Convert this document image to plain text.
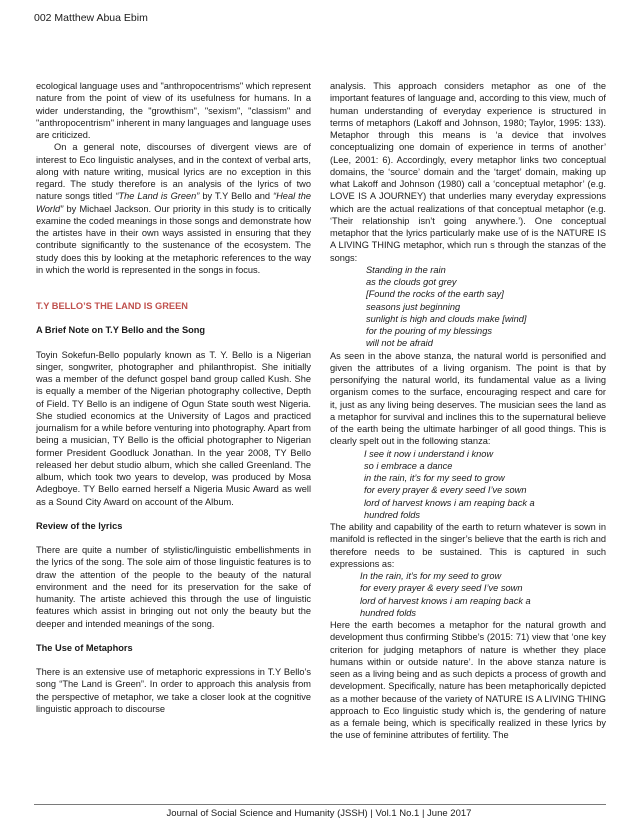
002 Matthew Abua Ebim

ecological language uses and "anthropocentrisms" which represent nature from the point of view of its usefulness for humans. In a wider understanding, the "growthism", "sexism", "classism" and "anthropocentrism" inherent in many languages and language uses are criticized.

On a general note, discourses of divergent views are of interest to Eco linguistic analyses, and in the context of verbal arts, along with nature writing, musical lyrics are no exception in this regard. The study therefore is an analysis of the lyrics of two nature songs titled “The Land is Green” by T.Y Bello and “Heal the World” by Michael Jackson. Our priority in this study is to critically examine the coded meanings in those songs and demonstrate how the artistes have in their own ways assisted in ensuring that they contribute significantly to the sustenance of the ecosystem. The study does this by looking at the metaphoric references to the way in which the world is represented in the songs in focus.

T.Y BELLO’S THE LAND IS GREEN

A Brief Note on T.Y Bello and the Song

Toyin Sokefun-Bello popularly known as T. Y. Bello is a Nigerian singer, songwriter, photographer and philanthropist. She initially was a member of the defunct gospel band group called Kush. She is equally a member of the Nigerian photography collective, Depth of Field. TY Bello is an indigene of Ogun State south west Nigeria. She studied economics at the University of Lagos and practiced journalism for a while before venturing into photography. Apart from being a musician, TY Bello is the official photographer to Nigerian former President Goodluck Jonathan. In the year 2008, TY Bello released her debut studio album, which she called Greenland. The album, which took two years to develop, was produced by Mosa Adegboye. TY Bello earned herself a Nigeria Music Award as well as a Sound City Award on account of the Album.

Review of the lyrics

There are quite a number of stylistic/linguistic embellishments in the lyrics of the song. The sole aim of those linguistic features is to draw the attention of the people to the beauty of the natural environment and the need for its preservation for the sake of humanity. The artiste achieved this through the use of linguistic features which assist in bringing out not only the beauty but the deeper and intended meanings of the song.

The Use of Metaphors

There is an extensive use of metaphoric expressions in T.Y Bello’s song “The Land is Green”. In order to approach this analysis from the perspective of metaphor, we take a closer look at the cognitive linguistic approach to discourse

analysis. This approach considers metaphor as one of the important features of language and, according to this view, much of human understanding of everyday experience is structured in terms of metaphors (Lakoff and Johnson, 1980; Taylor, 1995: 133). Metaphor through this means is ‘a device that involves conceptualizing one domain of experience in terms of another’ (Lee, 2001: 6). Accordingly, every metaphor links two conceptual domains, the ‘source’ domain and the ‘target’ domain, making up what Lakoff and Johnson (1980) call a ‘conceptual metaphor’ (e.g. LOVE IS A JOURNEY) that underlies many everyday expressions which are the actual realizations of that conceptual metaphor (e.g. ‘Their relationship isn’t going anywhere.’). One conceptual metaphor that the lyrics particularly make use of is the NATURE IS A LIVING THING metaphor, which run s through the stanzas of the songs:

Standing in the rain

as the clouds got grey

[Found the rocks of the earth say]

seasons just beginning

sunlight is high and clouds make [wind]

for the pouring of my blessings

will not be afraid

As seen in the above stanza, the natural world is personified and given the attributes of a living organism. The point is that by personifying the natural world, its fundamental value as a living organism comes to the surface, encouraging respect and care for it, just as any living being deserves. The musician sees the land as a metaphor for survival and inclines this to the supernatural believe of the earth being the ultimate harbinger of all good things. This is clearly spelt out in the following stanza:

I see it now i understand i know

so i embrace a dance

in the rain, it’s for my seed to grow

for every prayer & every seed I’ve sown

lord of harvest knows i am reaping back a

hundred folds

The ability and capability of the earth to return whatever is sown in manifold is reflected in the singer’s believe that the earth is rich and therefore needs to be sustained. This is captured in such expressions as:

In the rain, it’s for my seed to grow

for every prayer & every seed I’ve sown

lord of harvest knows i am reaping back a

hundred folds

Here the earth becomes a metaphor for the natural growth and development thus confirming Stibbe’s (2015: 71) view that ‘one key criterion for judging metaphors of nature is whether they place humans within or outside nature’. In the above stanza nature is seen as a living being and as such depicts a process of growth and development. Specifically, nature has been metaphorically depicted as a mother because of the variety of NATURE IS A LIVING THING approach to Eco linguistic study which is, the gendering of nature as a female being, which is specifically realized in these lyrics by the use of feminine attributes of fertility. The

Journal of Social Science and Humanity (JSSH) | Vol.1 No.1 | June 2017
